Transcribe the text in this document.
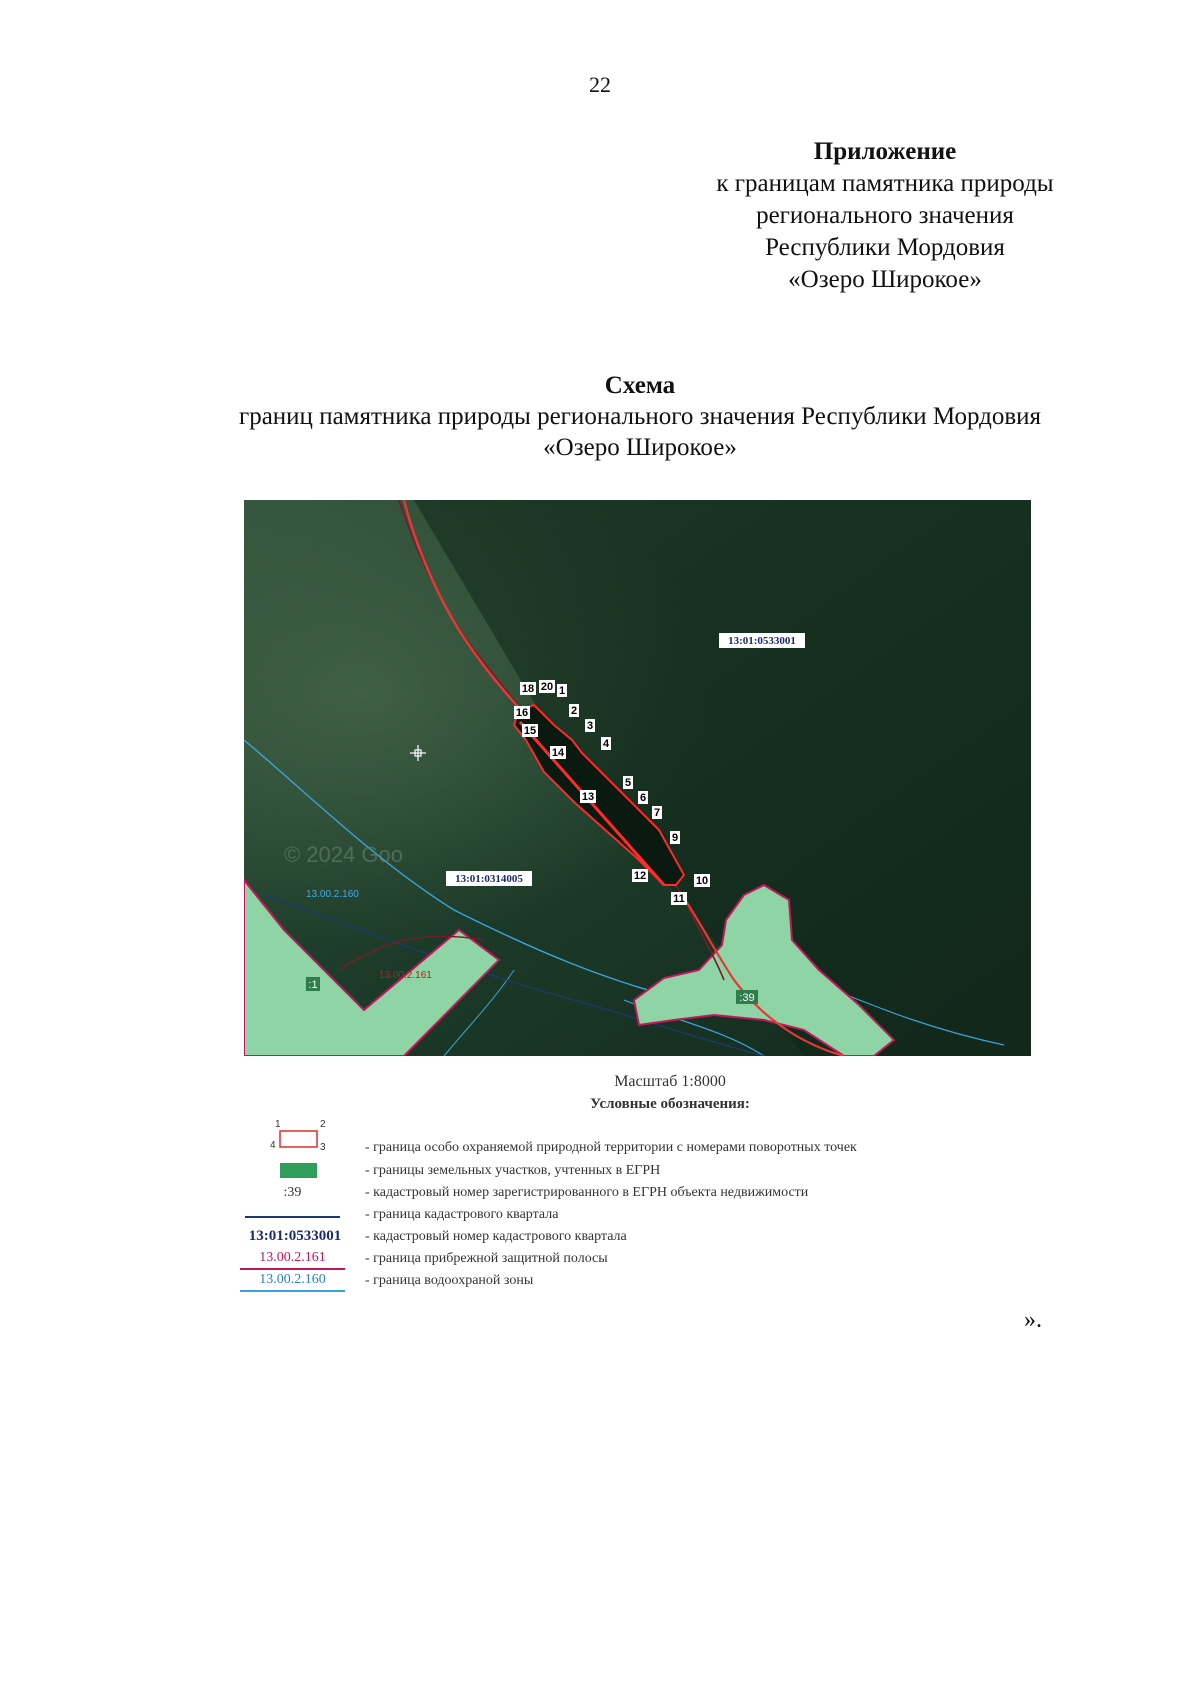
22
Приложение
к границам памятника природы
регионального значения
Республики Мордовия
«Озеро Широкое»
Схема
границ памятника природы регионального значения Республики Мордовия
«Озеро Широкое»
18 20 1
16	2
15	3
4
14
13
5
6
7
9
12	10
11
13:01:0533001
13:01:0314005
13.00.2.160
13.00.2.161
© 2024 Goo
:1
:39
Масштаб 1:8000
Условные обозначения:
1	2
4	3	- граница особо охраняемой природной территории с номерами поворотных точек
- границы земельных участков, учтенных в ЕГРН
:39	- кадастровый номер зарегистрированного в ЕГРН объекта недвижимости
- граница кадастрового квартала
13:01:0533001	- кадастровый номер кадастрового квартала
13.00.2.161	- граница прибрежной защитной полосы
13.00.2.160	- граница водоохраной зоны
».
